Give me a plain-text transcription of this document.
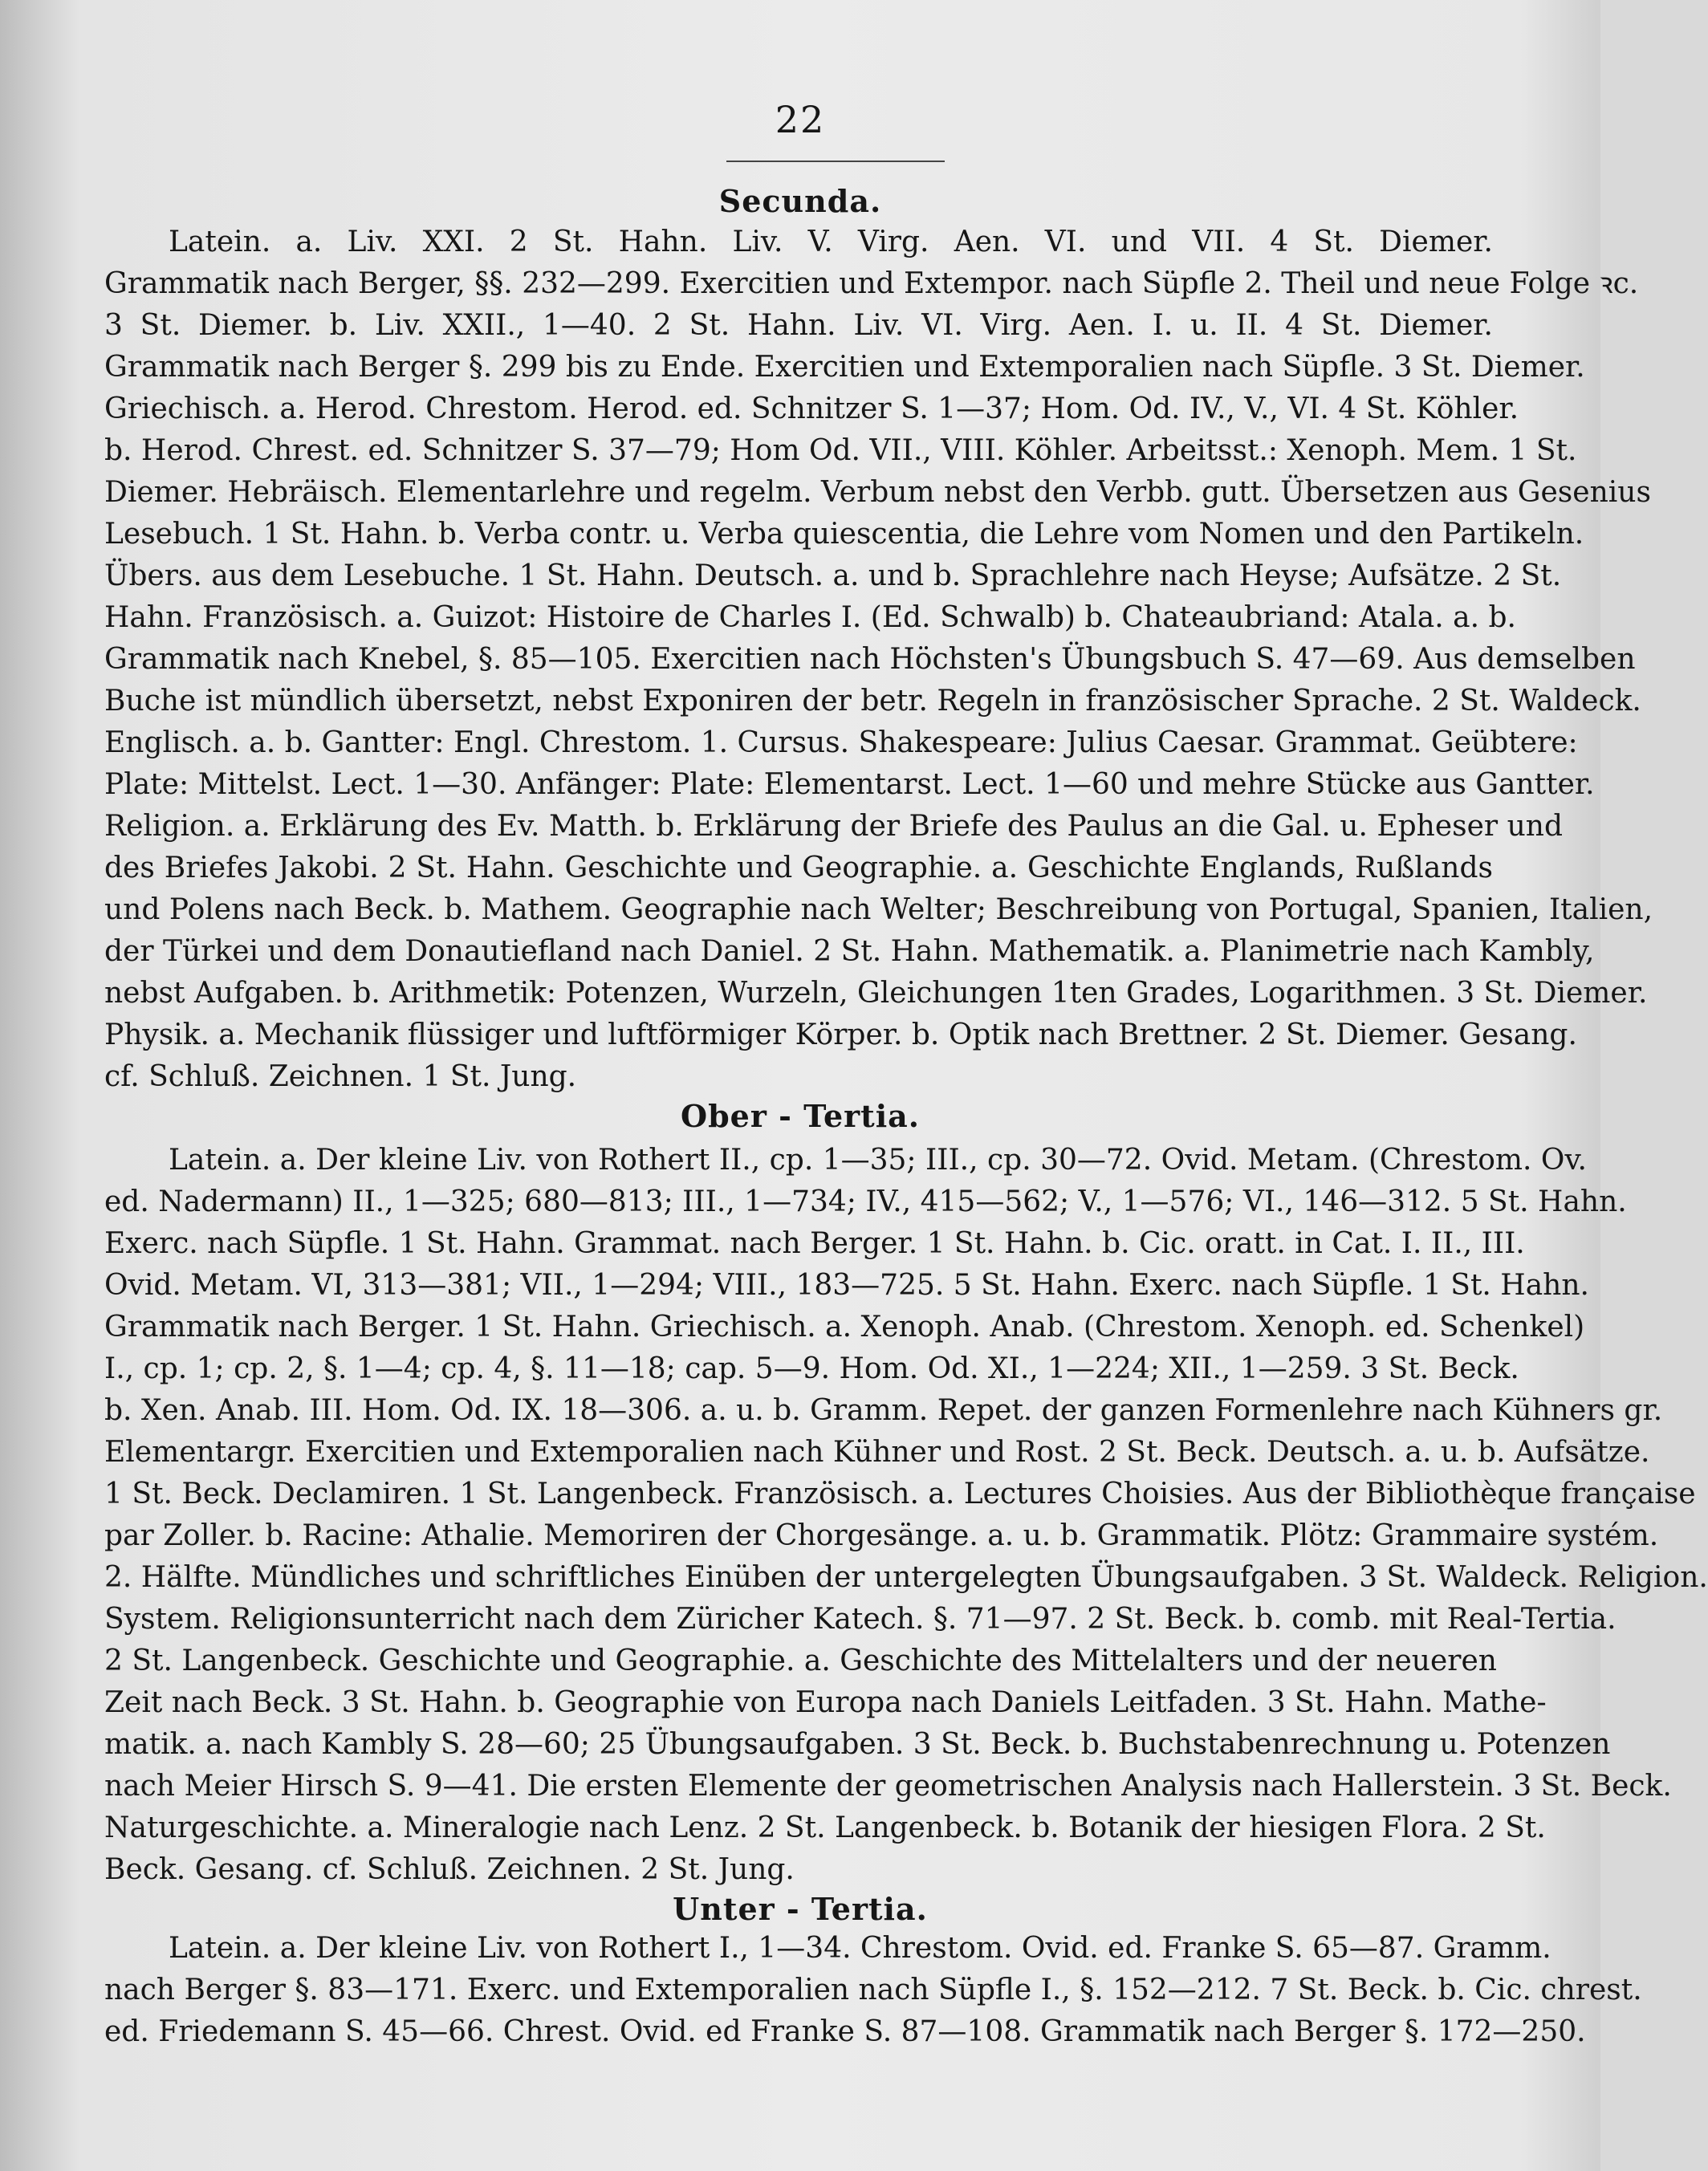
22
Secunda.
Latein. a. Liv. XXI. 2 St. Hahn. Liv. V. Virg. Aen. VI. und VII. 4 St. Diemer.
Grammatik nach Berger, §§. 232—299. Exercitien und Extempor. nach Süpfle 2. Theil und neue Folge ꝛc.
3 St. Diemer. b. Liv. XXII., 1—40. 2 St. Hahn. Liv. VI. Virg. Aen. I. u. II. 4 St. Diemer.
Grammatik nach Berger §. 299 bis zu Ende. Exercitien und Extemporalien nach Süpfle. 3 St. Diemer.
Griechisch. a. Herod. Chrestom. Herod. ed. Schnitzer S. 1—37; Hom. Od. IV., V., VI. 4 St. Köhler.
b. Herod. Chrest. ed. Schnitzer S. 37—79; Hom Od. VII., VIII. Köhler. Arbeitsst.: Xenoph. Mem. 1 St.
Diemer. Hebräisch. Elementarlehre und regelm. Verbum nebst den Verbb. gutt. Übersetzen aus Gesenius
Lesebuch. 1 St. Hahn. b. Verba contr. u. Verba quiescentia, die Lehre vom Nomen und den Partikeln.
Übers. aus dem Lesebuche. 1 St. Hahn. Deutsch. a. und b. Sprachlehre nach Heyse; Aufsätze. 2 St.
Hahn. Französisch. a. Guizot: Histoire de Charles I. (Ed. Schwalb) b. Chateaubriand: Atala. a. b.
Grammatik nach Knebel, §. 85—105. Exercitien nach Höchsten's Übungsbuch S. 47—69. Aus demselben
Buche ist mündlich übersetzt, nebst Exponiren der betr. Regeln in französischer Sprache. 2 St. Waldeck.
Englisch. a. b. Gantter: Engl. Chrestom. 1. Cursus. Shakespeare: Julius Caesar. Grammat. Geübtere:
Plate: Mittelst. Lect. 1—30. Anfänger: Plate: Elementarst. Lect. 1—60 und mehre Stücke aus Gantter.
Religion. a. Erklärung des Ev. Matth. b. Erklärung der Briefe des Paulus an die Gal. u. Epheser und
des Briefes Jakobi. 2 St. Hahn. Geschichte und Geographie. a. Geschichte Englands, Rußlands
und Polens nach Beck. b. Mathem. Geographie nach Welter; Beschreibung von Portugal, Spanien, Italien,
der Türkei und dem Donautiefland nach Daniel. 2 St. Hahn. Mathematik. a. Planimetrie nach Kambly,
nebst Aufgaben. b. Arithmetik: Potenzen, Wurzeln, Gleichungen 1ten Grades, Logarithmen. 3 St. Diemer.
Physik. a. Mechanik flüssiger und luftförmiger Körper. b. Optik nach Brettner. 2 St. Diemer. Gesang.
cf. Schluß. Zeichnen. 1 St. Jung.
Ober - Tertia.
Latein. a. Der kleine Liv. von Rothert II., cp. 1—35; III., cp. 30—72. Ovid. Metam. (Chrestom. Ov.
ed. Nadermann) II., 1—325; 680—813; III., 1—734; IV., 415—562; V., 1—576; VI., 146—312. 5 St. Hahn.
Exerc. nach Süpfle. 1 St. Hahn. Grammat. nach Berger. 1 St. Hahn. b. Cic. oratt. in Cat. I. II., III.
Ovid. Metam. VI, 313—381; VII., 1—294; VIII., 183—725. 5 St. Hahn. Exerc. nach Süpfle. 1 St. Hahn.
Grammatik nach Berger. 1 St. Hahn. Griechisch. a. Xenoph. Anab. (Chrestom. Xenoph. ed. Schenkel)
I., cp. 1; cp. 2, §. 1—4; cp. 4, §. 11—18; cap. 5—9. Hom. Od. XI., 1—224; XII., 1—259. 3 St. Beck.
b. Xen. Anab. III. Hom. Od. IX. 18—306. a. u. b. Gramm. Repet. der ganzen Formenlehre nach Kühners gr.
Elementargr. Exercitien und Extemporalien nach Kühner und Rost. 2 St. Beck. Deutsch. a. u. b. Aufsätze.
1 St. Beck. Declamiren. 1 St. Langenbeck. Französisch. a. Lectures Choisies. Aus der Bibliothèque française
par Zoller. b. Racine: Athalie. Memoriren der Chorgesänge. a. u. b. Grammatik. Plötz: Grammaire systém.
2. Hälfte. Mündliches und schriftliches Einüben der untergelegten Übungsaufgaben. 3 St. Waldeck. Religion.
System. Religionsunterricht nach dem Züricher Katech. §. 71—97. 2 St. Beck. b. comb. mit Real-Tertia.
2 St. Langenbeck. Geschichte und Geographie. a. Geschichte des Mittelalters und der neueren
Zeit nach Beck. 3 St. Hahn. b. Geographie von Europa nach Daniels Leitfaden. 3 St. Hahn. Mathe-
matik. a. nach Kambly S. 28—60; 25 Übungsaufgaben. 3 St. Beck. b. Buchstabenrechnung u. Potenzen
nach Meier Hirsch S. 9—41. Die ersten Elemente der geometrischen Analysis nach Hallerstein. 3 St. Beck.
Naturgeschichte. a. Mineralogie nach Lenz. 2 St. Langenbeck. b. Botanik der hiesigen Flora. 2 St.
Beck. Gesang. cf. Schluß. Zeichnen. 2 St. Jung.
Unter - Tertia.
Latein. a. Der kleine Liv. von Rothert I., 1—34. Chrestom. Ovid. ed. Franke S. 65—87. Gramm.
nach Berger §. 83—171. Exerc. und Extemporalien nach Süpfle I., §. 152—212. 7 St. Beck. b. Cic. chrest.
ed. Friedemann S. 45—66. Chrest. Ovid. ed Franke S. 87—108. Grammatik nach Berger §. 172—250.
